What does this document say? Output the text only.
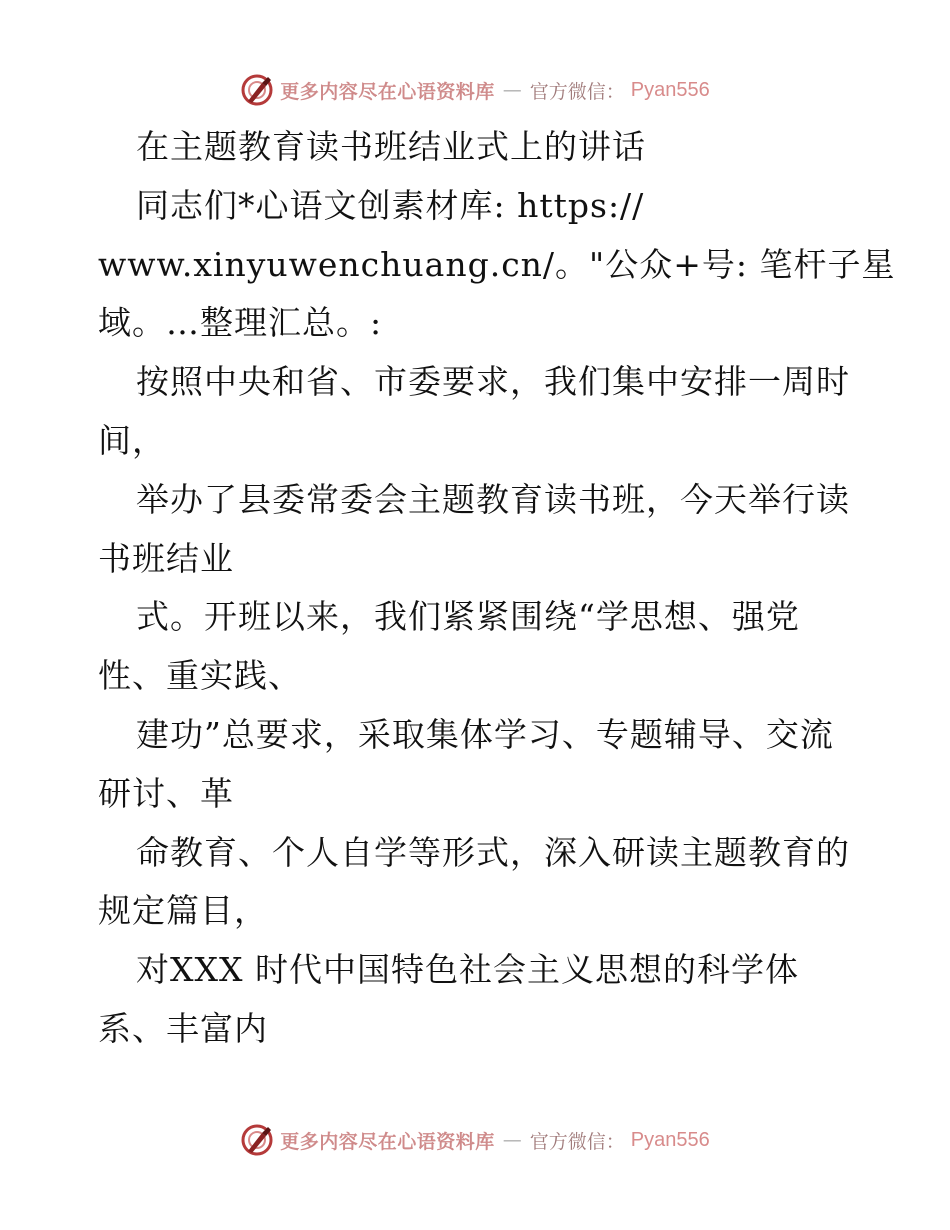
更多内容尽在心语资料库 — 官方微信： Pyan556
在主题教育读书班结业式上的讲话
同志们*心语文创素材库: https://
www.xinyuwenchuang.cn/。"公众+号: 笔杆子星
域。…整理汇总。:
按照中央和省、市委要求，我们集中安排一周时
间，
举办了县委常委会主题教育读书班，今天举行读
书班结业
式。开班以来，我们紧紧围绕“学思想、强党
性、重实践、
建功”总要求，采取集体学习、专题辅导、交流
研讨、革
命教育、个人自学等形式，深入研读主题教育的
规定篇目，
对XXX 时代中国特色社会主义思想的科学体
系、丰富内
更多内容尽在心语资料库 — 官方微信： Pyan556
